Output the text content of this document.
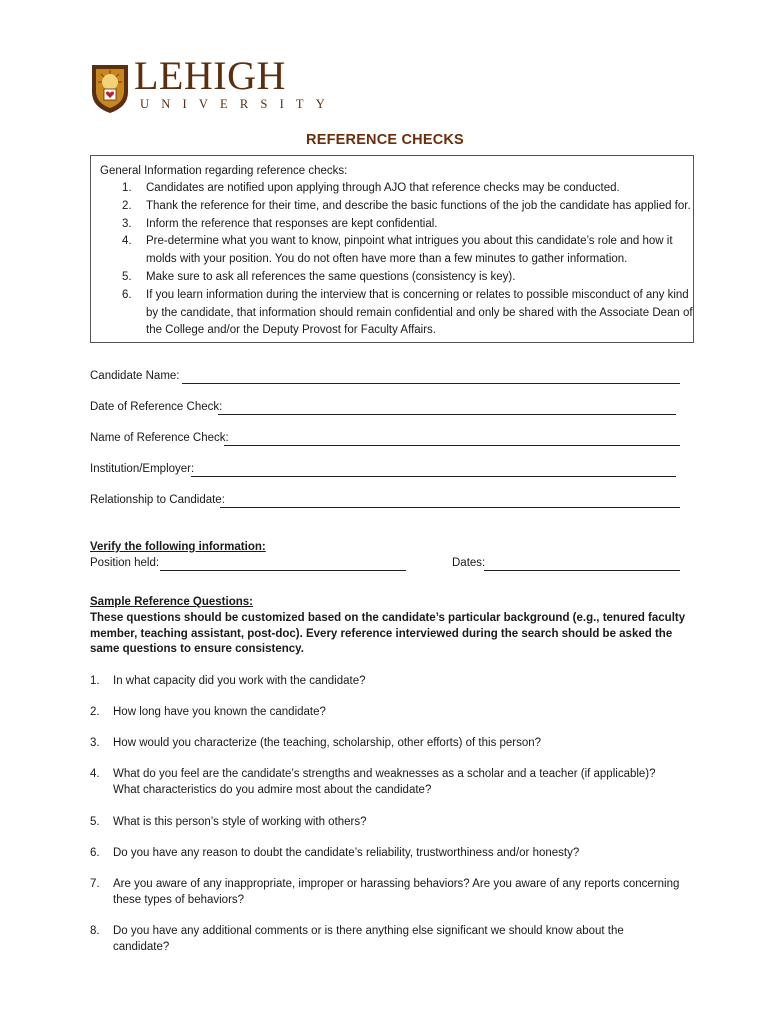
LEHIGH
UNIVERSITY
REFERENCE CHECKS
General Information regarding reference checks:
1. Candidates are notified upon applying through AJO that reference checks may be conducted.
2. Thank the reference for their time, and describe the basic functions of the job the candidate has applied for.
3. Inform the reference that responses are kept confidential.
4. Pre-determine what you want to know, pinpoint what intrigues you about this candidate’s role and how it molds with your position. You do not often have more than a few minutes to gather information.
5. Make sure to ask all references the same questions (consistency is key).
6. If you learn information during the interview that is concerning or relates to possible misconduct of any kind by the candidate, that information should remain confidential and only be shared with the Associate Dean of the College and/or the Deputy Provost for Faculty Affairs.
Candidate Name:
Date of Reference Check:
Name of Reference Check:
Institution/Employer:
Relationship to Candidate:
Verify the following information:
Position held:	Dates:
Sample Reference Questions:
These questions should be customized based on the candidate’s particular background (e.g., tenured faculty member, teaching assistant, post-doc). Every reference interviewed during the search should be asked the same questions to ensure consistency.
1. In what capacity did you work with the candidate?
2. How long have you known the candidate?
3. How would you characterize (the teaching, scholarship, other efforts) of this person?
4. What do you feel are the candidate’s strengths and weaknesses as a scholar and a teacher (if applicable)? What characteristics do you admire most about the candidate?
5. What is this person’s style of working with others?
6. Do you have any reason to doubt the candidate’s reliability, trustworthiness and/or honesty?
7. Are you aware of any inappropriate, improper or harassing behaviors? Are you aware of any reports concerning these types of behaviors?
8. Do you have any additional comments or is there anything else significant we should know about the candidate?
